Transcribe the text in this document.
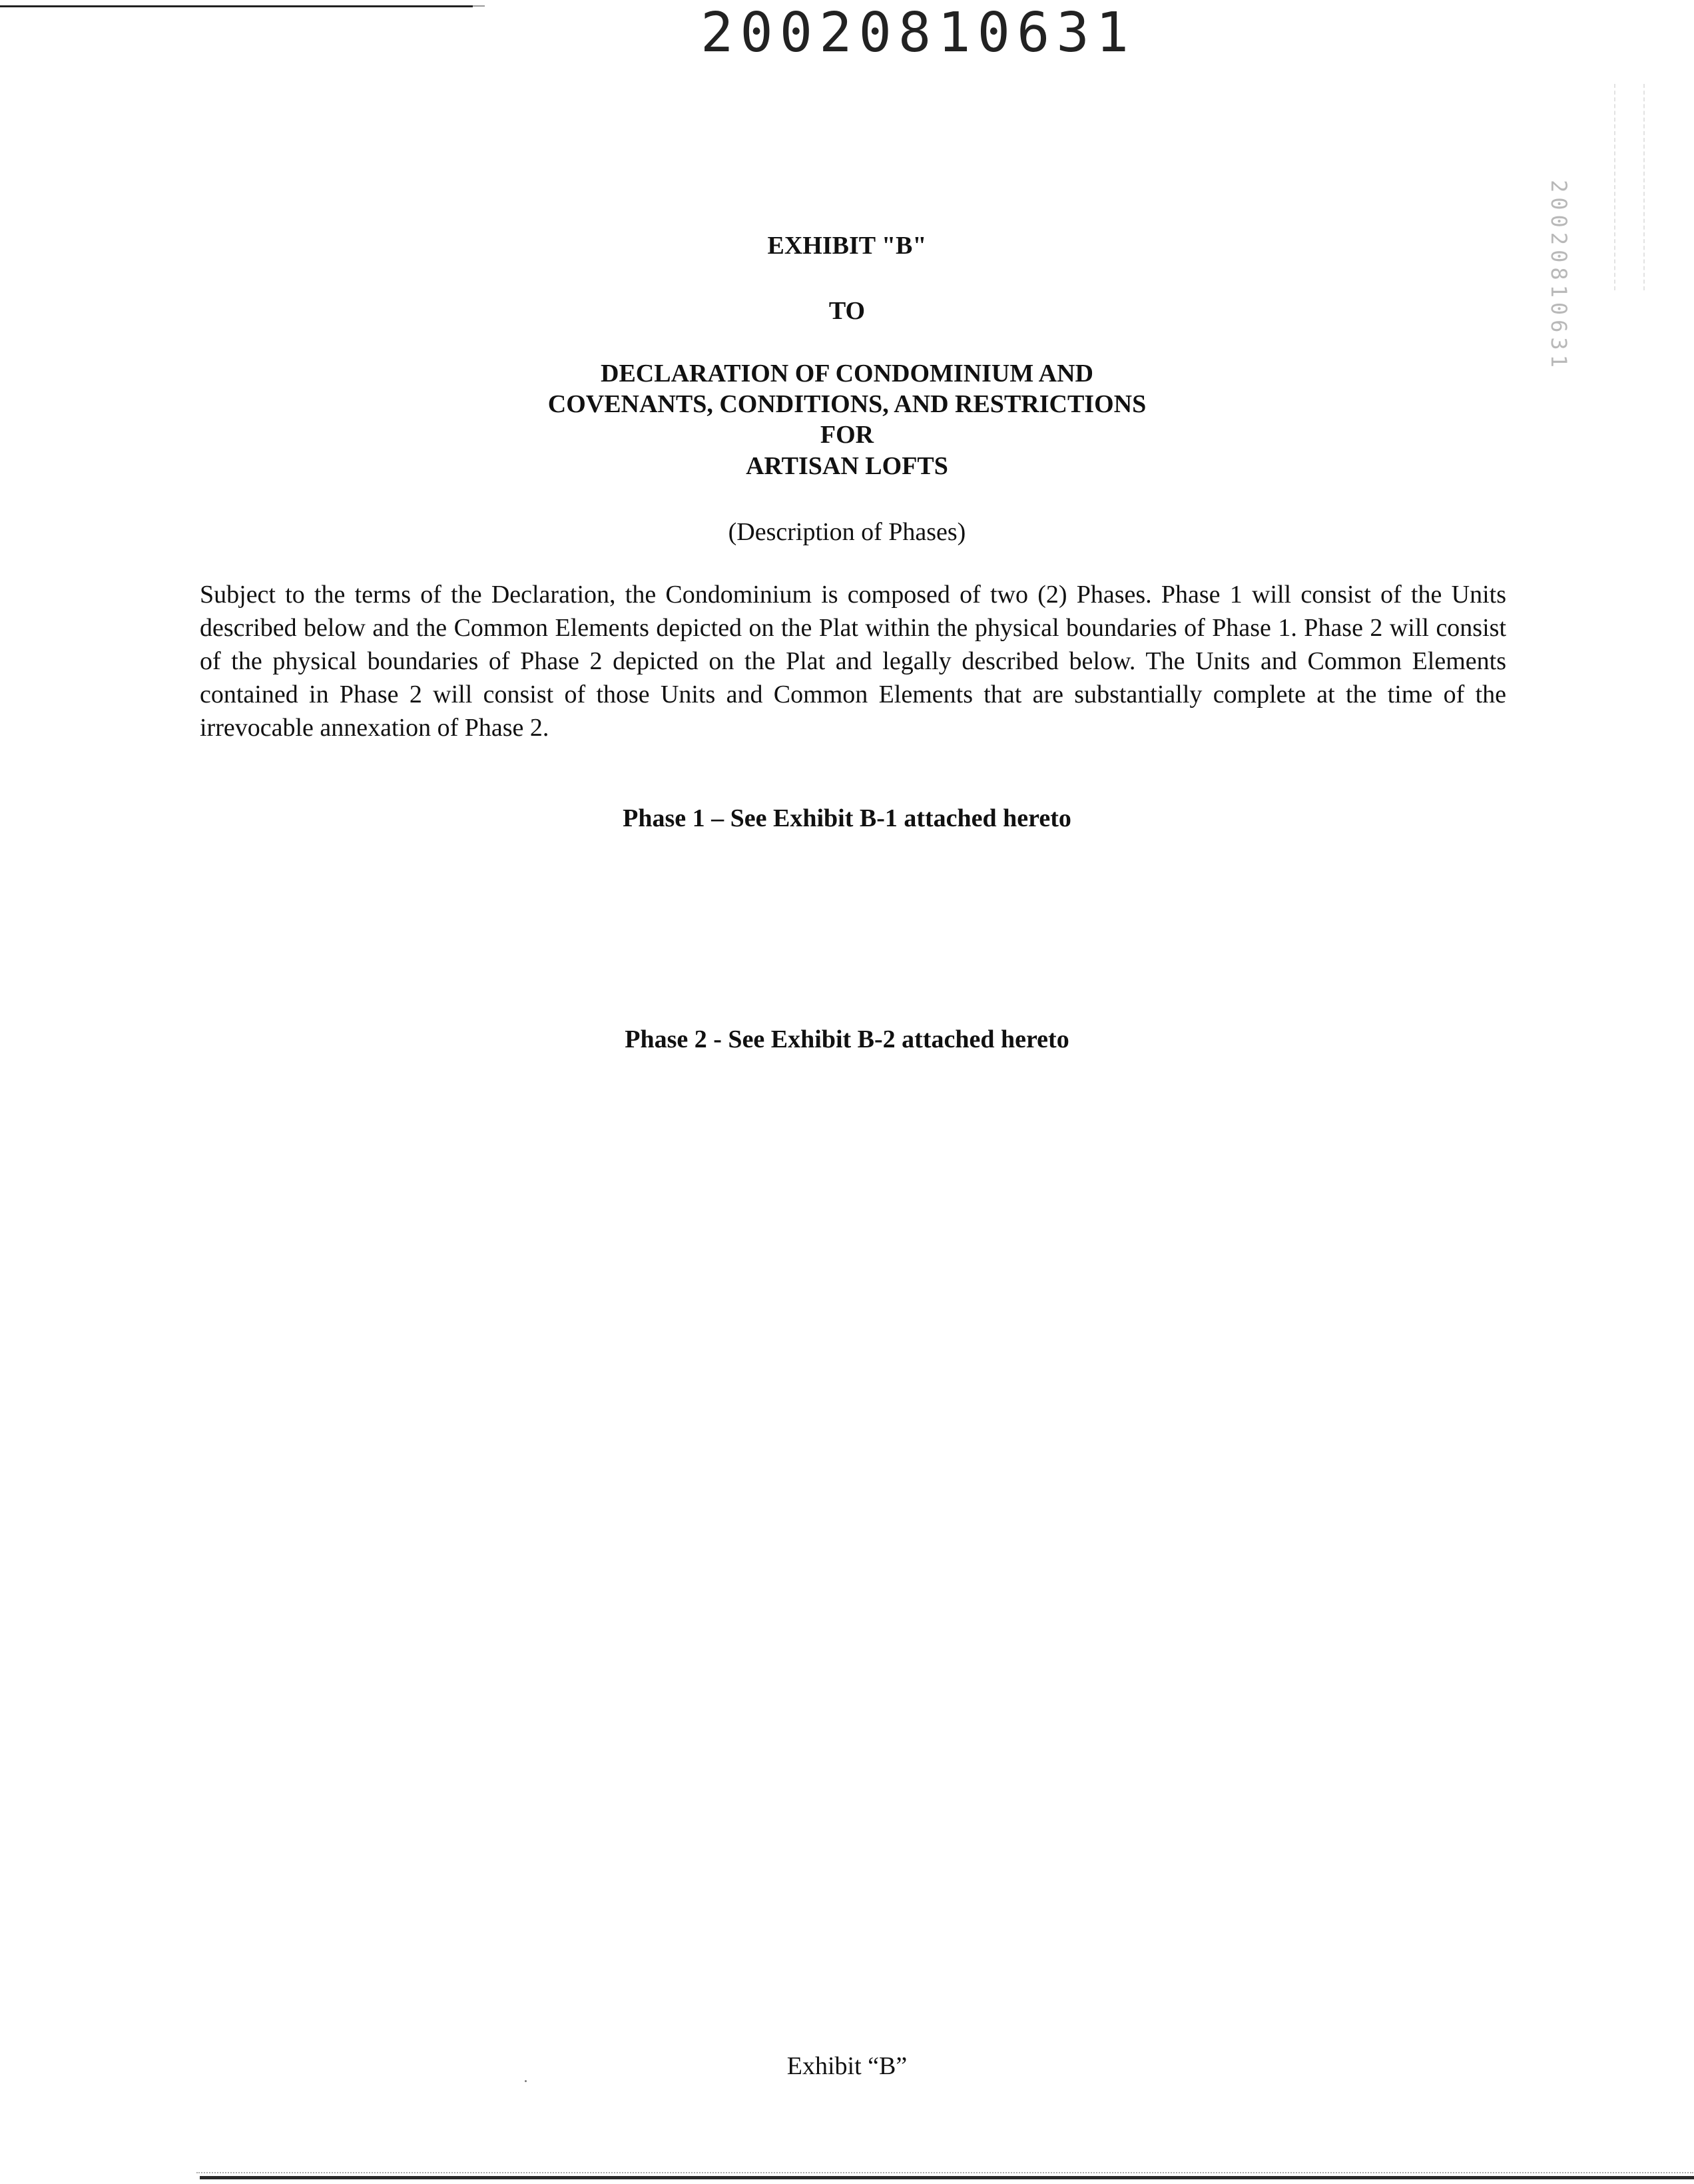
20020810631
20020810631
EXHIBIT "B"
TO
DECLARATION OF CONDOMINIUM AND
COVENANTS, CONDITIONS, AND RESTRICTIONS
FOR
ARTISAN LOFTS
(Description of Phases)
Subject to the terms of the Declaration, the Condominium is composed of two (2) Phases. Phase 1 will consist of the Units described below and the Common Elements depicted on the Plat within the physical boundaries of Phase 1. Phase 2 will consist of the physical boundaries of Phase 2 depicted on the Plat and legally described below. The Units and Common Elements contained in Phase 2 will consist of those Units and Common Elements that are substantially complete at the time of the irrevocable annexation of Phase 2.
Phase 1 – See Exhibit B-1 attached hereto
Phase 2 - See Exhibit B-2 attached hereto
Exhibit “B”
